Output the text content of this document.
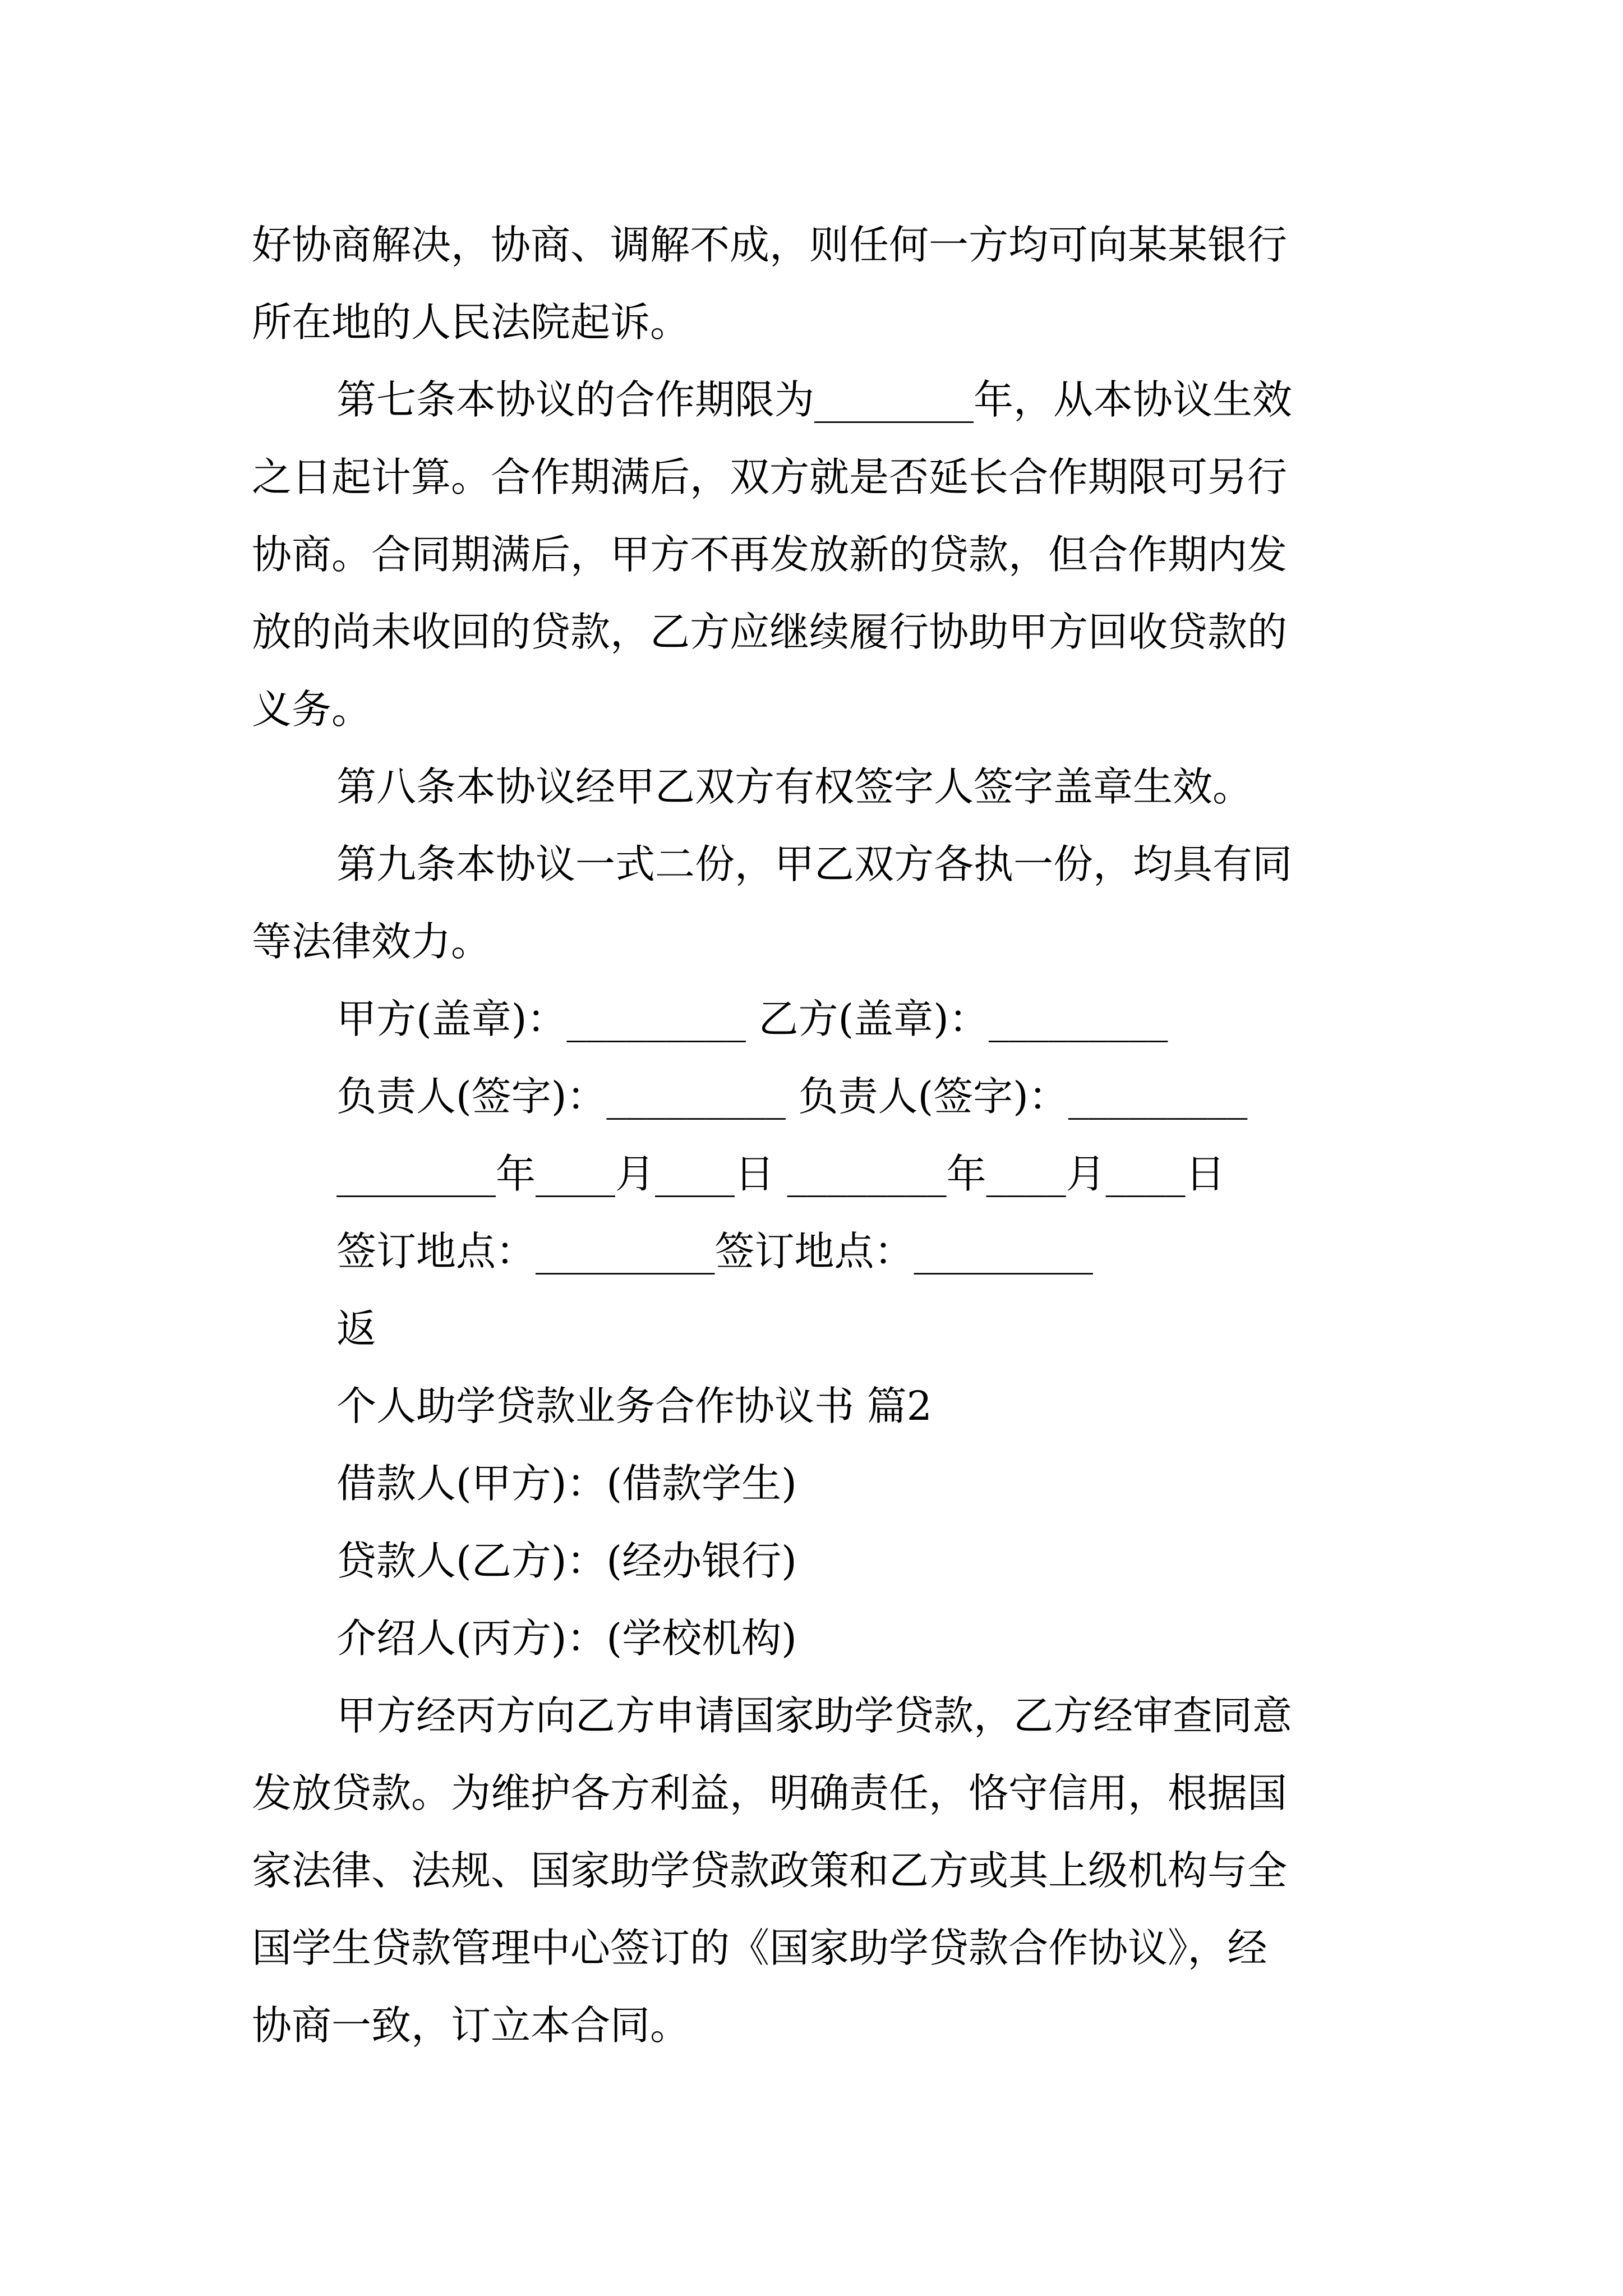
好协商解决，协商、调解不成，则任何一方均可向某某银行
所在地的人民法院起诉。
第七条本协议的合作期限为________年，从本协议生效
之日起计算。合作期满后，双方就是否延长合作期限可另行
协商。合同期满后，甲方不再发放新的贷款，但合作期内发
放的尚未收回的贷款，乙方应继续履行协助甲方回收贷款的
义务。
第八条本协议经甲乙双方有权签字人签字盖章生效。
第九条本协议一式二份，甲乙双方各执一份，均具有同
等法律效力。
甲方(盖章)：_________ 乙方(盖章)：_________
负责人(签字)：_________ 负责人(签字)：_________
________年____月____日 ________年____月____日
签订地点：_________签订地点：_________
返
个人助学贷款业务合作协议书 篇2
借款人(甲方)：(借款学生)
贷款人(乙方)：(经办银行)
介绍人(丙方)：(学校机构)
甲方经丙方向乙方申请国家助学贷款，乙方经审查同意
发放贷款。为维护各方利益，明确责任，恪守信用，根据国
家法律、法规、国家助学贷款政策和乙方或其上级机构与全
国学生贷款管理中心签订的《国家助学贷款合作协议》，经
协商一致，订立本合同。
